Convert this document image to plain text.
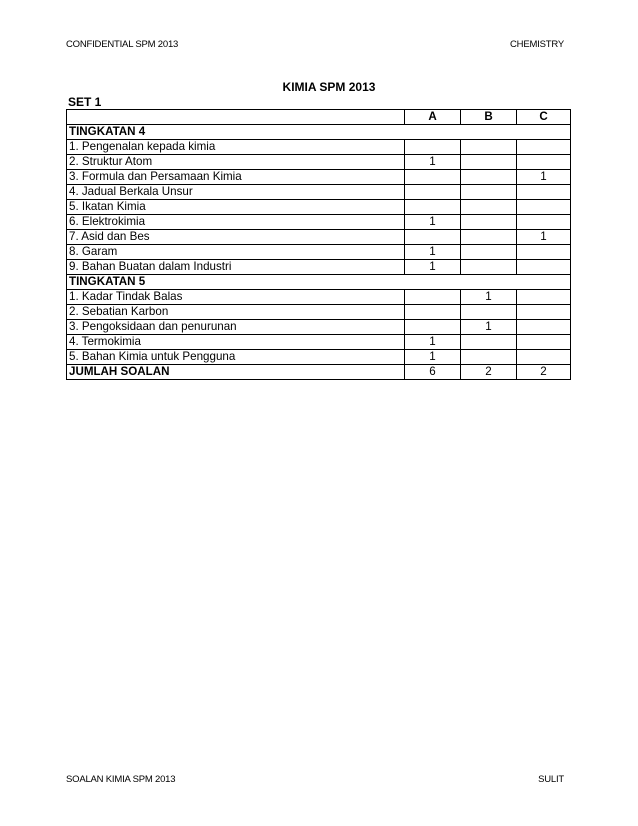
CONFIDENTIAL SPM 2013	CHEMISTRY
KIMIA SPM 2013
SET 1
	A	B	C
TINGKATAN 4			
1. Pengenalan kepada kimia			
2. Struktur Atom	1		
3. Formula dan Persamaan Kimia			1
4. Jadual Berkala Unsur			
5. Ikatan Kimia			
6. Elektrokimia	1		
7. Asid dan Bes			1
8. Garam	1		
9. Bahan Buatan dalam Industri	1		
TINGKATAN 5			
1. Kadar Tindak Balas		1	
2. Sebatian Karbon			
3. Pengoksidaan dan penurunan		1	
4. Termokimia	1		
5. Bahan Kimia untuk Pengguna	1		
JUMLAH SOALAN	6	2	2
SOALAN KIMIA SPM 2013	SULIT
